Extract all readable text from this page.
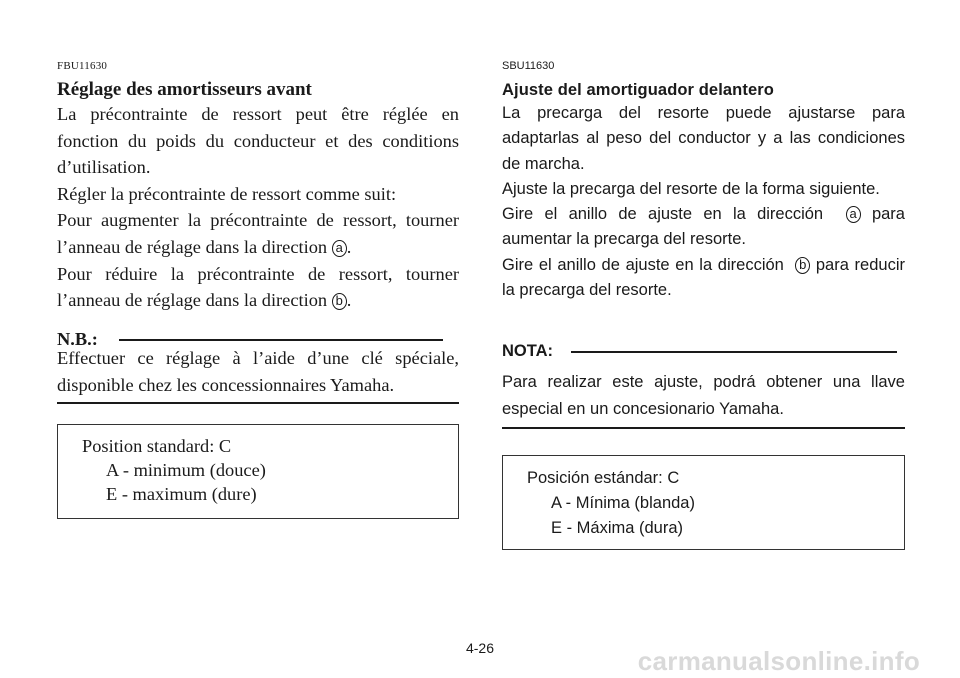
FBU11630
Réglage des amortisseurs avant

La précontrainte de ressort peut être réglée en fonction du poids du conducteur et des conditions d’utilisation.

Régler la précontrainte de ressort comme suit:

Pour augmenter la précontrainte de ressort, tourner l’anneau de réglage dans la direction a .

Pour réduire la précontrainte de ressort, tourner l’anneau de réglage dans la direction b .

N.B.:

Effectuer ce réglage à l’aide d’une clé spéciale, disponible chez les concessionnaires Yamaha.

Position standard: C
A - minimum (douce)
E - maximum (dure)
SBU11630
Ajuste del amortiguador delantero

La precarga del resorte puede ajustarse para adaptarlas al peso del conductor y a las condiciones de marcha.

Ajuste la precarga del resorte de la forma siguiente.

Gire el anillo de ajuste en la dirección a para aumentar la precarga del resorte.

Gire el anillo de ajuste en la dirección b para reducir la precarga del resorte.

NOTA:

Para realizar este ajuste, podrá obtener una llave especial en un concesionario Yamaha.

Posición estándar: C
A - Mínima (blanda)
E - Máxima (dura)
4-26	carmanualsonline.info
